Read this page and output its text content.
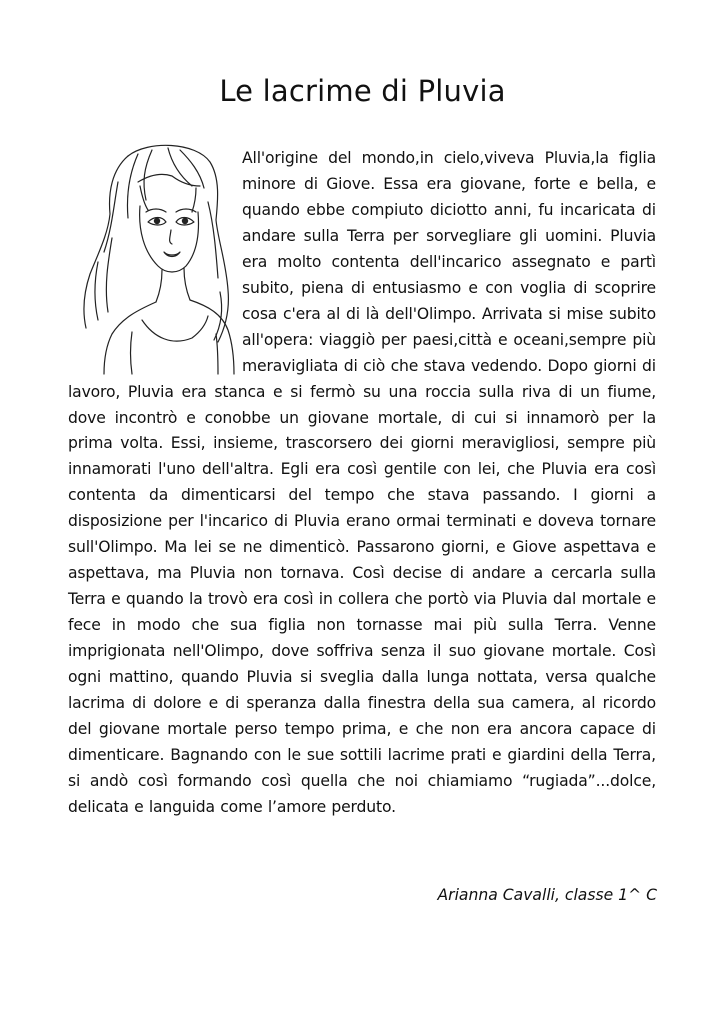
Le lacrime di Pluvia
All'origine del mondo,in cielo,viveva Pluvia,la figlia minore di Giove. Essa era giovane, forte e bella, e quando ebbe compiuto diciotto anni, fu incaricata di andare sulla Terra per sorvegliare gli uomini. Pluvia era molto contenta dell'incarico assegnato e partì subito, piena di entusiasmo e con voglia di scoprire cosa c'era al di là dell'Olimpo. Arrivata si mise subito all'opera: viaggiò per paesi,città e oceani,sempre più meravigliata di ciò che stava vedendo. Dopo giorni di lavoro, Pluvia era stanca e si fermò su una roccia sulla riva di un fiume, dove incontrò e conobbe un giovane mortale, di cui si innamorò per la prima volta. Essi, insieme, trascorsero dei giorni meravigliosi, sempre più innamorati l'uno dell'altra. Egli era così gentile con lei, che Pluvia era così contenta da dimenticarsi del tempo che stava passando. I giorni a disposizione per l'incarico di Pluvia erano ormai terminati e doveva tornare sull'Olimpo. Ma lei se ne dimenticò. Passarono giorni, e Giove aspettava e aspettava, ma Pluvia non tornava. Così decise di andare a cercarla sulla Terra e quando la trovò era così in collera che portò via Pluvia dal mortale e fece in modo che sua figlia non tornasse mai più sulla Terra. Venne imprigionata nell'Olimpo, dove soffriva senza il suo giovane mortale. Così ogni mattino, quando Pluvia si sveglia dalla lunga nottata, versa qualche lacrima di dolore e di speranza dalla finestra della sua camera, al ricordo del giovane mortale perso tempo prima, e che non era ancora capace di dimenticare. Bagnando con le sue sottili lacrime prati e giardini della Terra, si andò così formando così quella che noi chiamiamo “rugiada”...dolce, delicata e languida come l’amore perduto.

Arianna Cavalli, classe 1^ C
